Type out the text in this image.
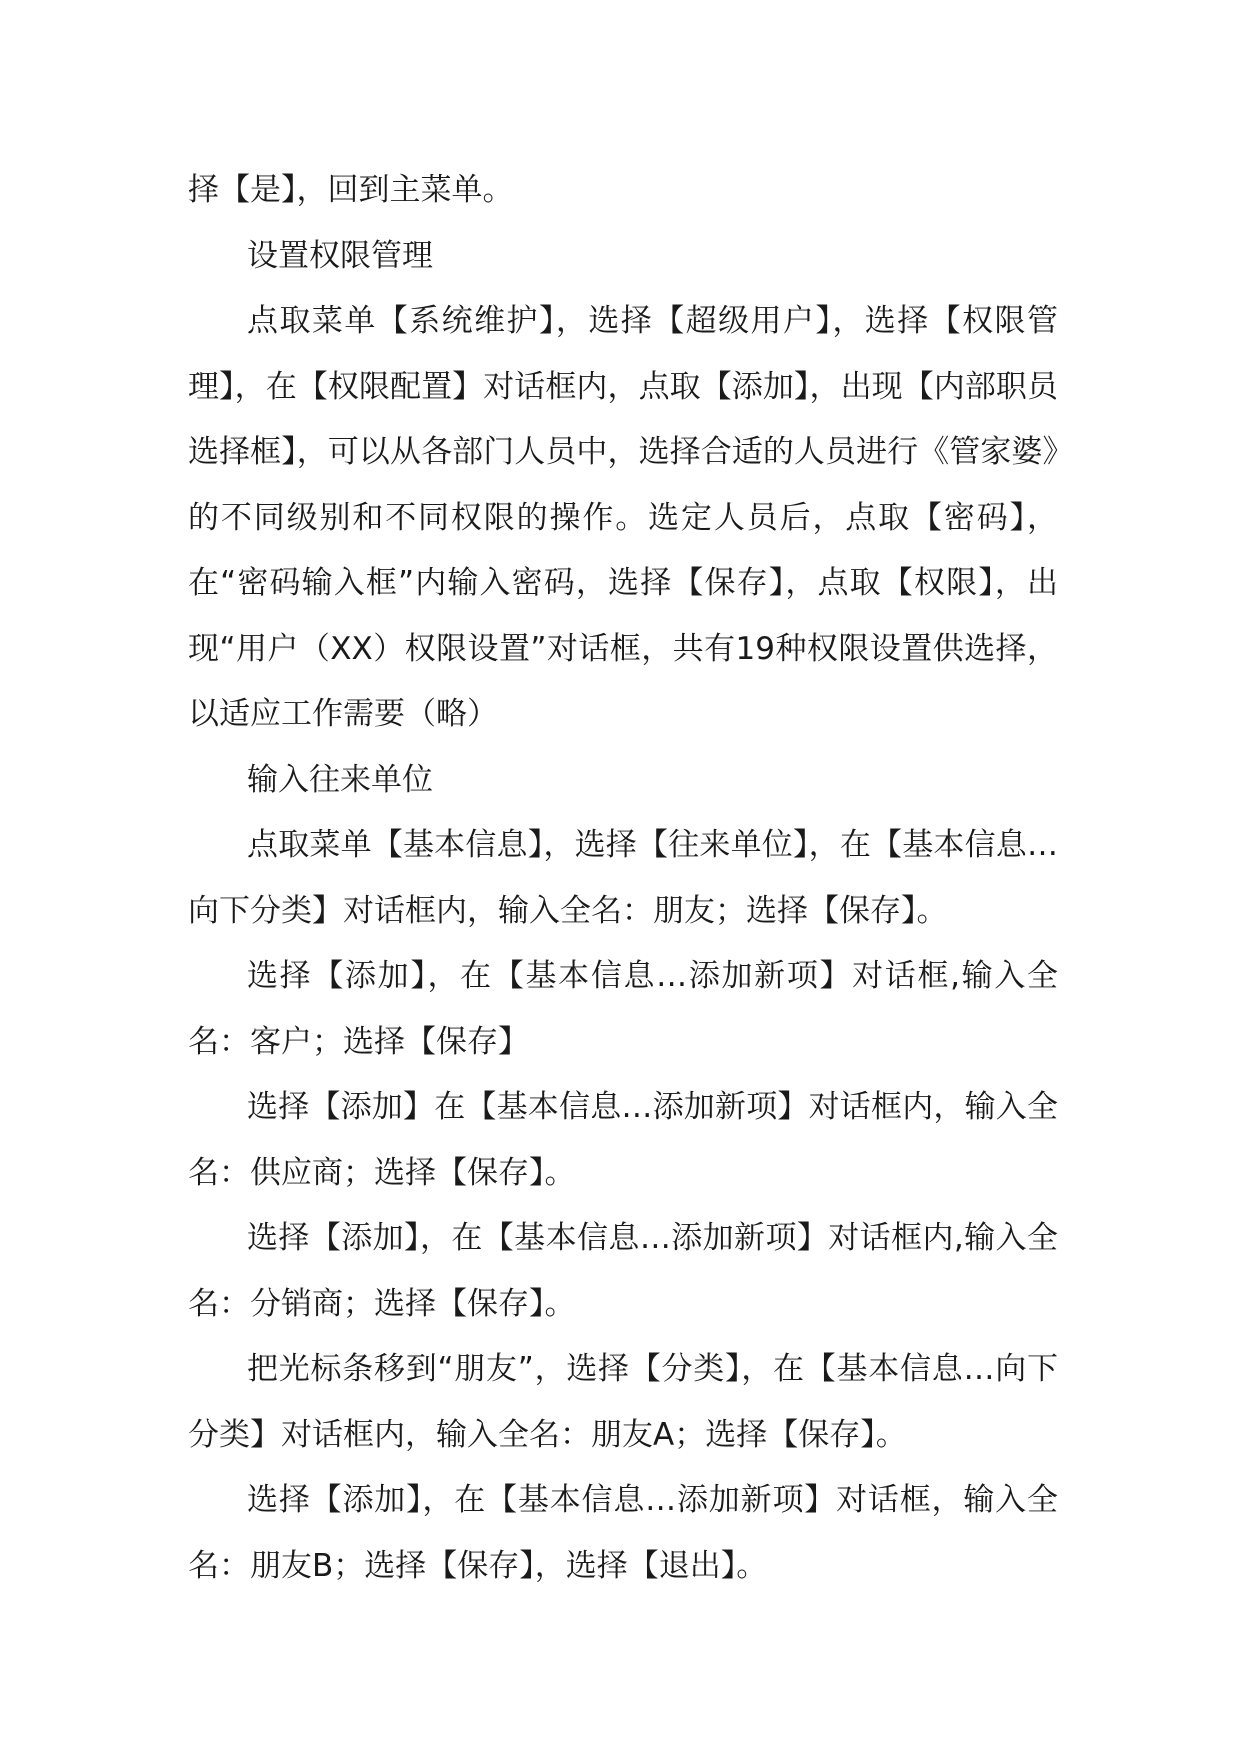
择【是】，回到主菜单。

设置权限管理

点取菜单【系统维护】，选择【超级用户】，选择【权限管理】，在【权限配置】对话框内，点取【添加】，出现【内部职员选择框】，可以从各部门人员中，选择合适的人员进行《管家婆》的不同级别和不同权限的操作。选定人员后，点取【密码】，在“密码输入框”内输入密码，选择【保存】，点取【权限】，出现“用户（XX）权限设置”对话框，共有19种权限设置供选择，以适应工作需要（略）

输入往来单位

点取菜单【基本信息】，选择【往来单位】，在【基本信息…向下分类】对话框内，输入全名：朋友；选择【保存】。

选择【添加】，在【基本信息…添加新项】对话框,输入全名：客户；选择【保存】

选择【添加】在【基本信息…添加新项】对话框内，输入全名：供应商；选择【保存】。

选择【添加】，在【基本信息…添加新项】对话框内,输入全名：分销商；选择【保存】。

把光标条移到“朋友”，选择【分类】，在【基本信息…向下分类】对话框内，输入全名：朋友A；选择【保存】。

选择【添加】，在【基本信息…添加新项】对话框，输入全名：朋友B；选择【保存】，选择【退出】。
